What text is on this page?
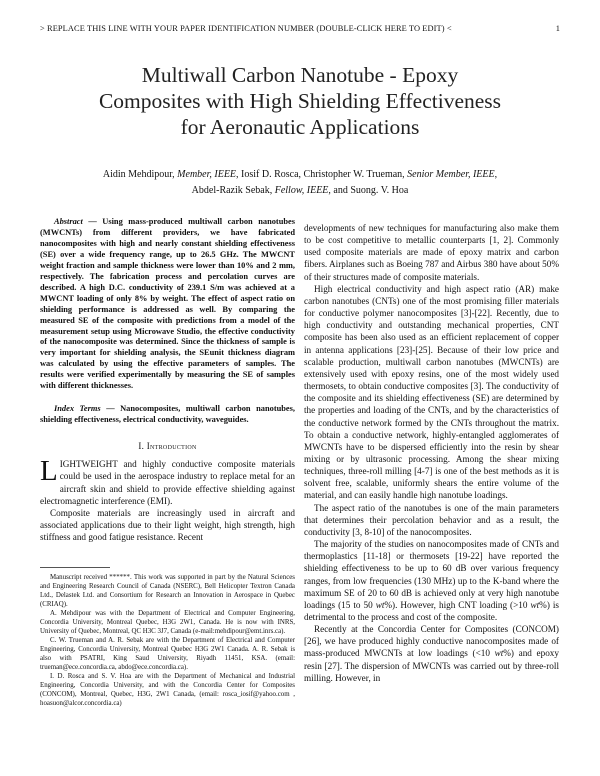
> REPLACE THIS LINE WITH YOUR PAPER IDENTIFICATION NUMBER (DOUBLE-CLICK HERE TO EDIT) <	1
Multiwall Carbon Nanotube - Epoxy
Composites with High Shielding Effectiveness
for Aeronautic Applications
Aidin Mehdipour, Member, IEEE, Iosif D. Rosca, Christopher W. Trueman, Senior Member, IEEE,
Abdel-Razik Sebak, Fellow, IEEE, and Suong. V. Hoa

Abstract — Using mass-produced multiwall carbon nanotubes (MWCNTs) from different providers, we have fabricated nanocomposites with high and nearly constant shielding effectiveness (SE) over a wide frequency range, up to 26.5 GHz. The MWCNT weight fraction and sample thickness were lower than 10% and 2 mm, respectively. The fabrication process and percolation curves are described. A high D.C. conductivity of 239.1 S/m was achieved at a MWCNT loading of only 8% by weight. The effect of aspect ratio on shielding performance is addressed as well. By comparing the measured SE of the composite with predictions from a model of the measurement setup using Microwave Studio, the effective conductivity of the nanocomposite was determined. Since the thickness of sample is very important for shielding analysis, the SEunit thickness diagram was calculated by using the effective parameters of samples. The results were verified experimentally by measuring the SE of samples with different thicknesses.

Index Terms — Nanocomposites, multiwall carbon nanotubes, shielding effectiveness, electrical conductivity, waveguides.

I. Introduction

LIGHTWEIGHT and highly conductive composite materials could be used in the aerospace industry to replace metal for an aircraft skin and shield to provide effective shielding against electromagnetic interference (EMI).

Composite materials are increasingly used in aircraft and associated applications due to their light weight, high strength, high stiffness and good fatigue resistance. Recent

Manuscript received ******. This work was supported in part by the Natural Sciences and Engineering Research Council of Canada (NSERC), Bell Helicopter Textron Canada Ltd., Delastek Ltd. and Consortium for Research an Innovation in Aerospace in Quebec (CRIAQ).

A. Mehdipour was with the Department of Electrical and Computer Engineering, Concordia University, Montreal Quebec, H3G 2W1, Canada. He is now with INRS, University of Quebec, Montreal, QC H3C 3J7, Canada (e-mail:mehdipour@emt.inrs.ca).

C. W. Trueman and A. R. Sebak are with the Department of Electrical and Computer Engineering, Concordia University, Montreal Quebec H3G 2W1 Canada. A. R. Sebak is also with PSATRI, King Saud University, Riyadh 11451, KSA. (email: trueman@ece.concordia.ca, abdo@ece.concordia.ca).

I. D. Rosca and S. V. Hoa are with the Department of Mechanical and Industrial Engineering, Concordia University, and with the Concordia Center for Composites (CONCOM), Montreal, Quebec, H3G, 2W1 Canada, (email: rosca_iosif@yahoo.com , hoasuon@alcor.concordia.ca)

developments of new techniques for manufacturing also make them to be cost competitive to metallic counterparts [1, 2]. Commonly used composite materials are made of epoxy matrix and carbon fibers. Airplanes such as Boeing 787 and Airbus 380 have about 50% of their structures made of composite materials.

High electrical conductivity and high aspect ratio (AR) make carbon nanotubes (CNTs) one of the most promising filler materials for conductive polymer nanocomposites [3]-[22]. Recently, due to high conductivity and outstanding mechanical properties, CNT composite has been also used as an efficient replacement of copper in antenna applications [23]-[25]. Because of their low price and scalable production, multiwall carbon nanotubes (MWCNTs) are extensively used with epoxy resins, one of the most widely used thermosets, to obtain conductive composites [3]. The conductivity of the composite and its shielding effectiveness (SE) are determined by the properties and loading of the CNTs, and by the characteristics of the conductive network formed by the CNTs throughout the matrix. To obtain a conductive network, highly-entangled agglomerates of MWCNTs have to be dispersed efficiently into the resin by shear mixing or by ultrasonic processing. Among the shear mixing techniques, three-roll milling [4-7] is one of the best methods as it is solvent free, scalable, uniformly shears the entire volume of the material, and can easily handle high nanotube loadings.

The aspect ratio of the nanotubes is one of the main parameters that determines their percolation behavior and as a result, the conductivity [3, 8-10] of the nanocomposites.

The majority of the studies on nanocomposites made of CNTs and thermoplastics [11-18] or thermosets [19-22] have reported the shielding effectiveness to be up to 60 dB over various frequency ranges, from low frequencies (130 MHz) up to the K-band where the maximum SE of 20 to 60 dB is achieved only at very high nanotube loadings (15 to 50 wt%). However, high CNT loading (>10 wt%) is detrimental to the process and cost of the composite.

Recently at the Concordia Center for Composites (CONCOM) [26], we have produced highly conductive nanocomposites made of mass-produced MWCNTs at low loadings (<10 wt%) and epoxy resin [27]. The dispersion of MWCNTs was carried out by three-roll milling. However, in
